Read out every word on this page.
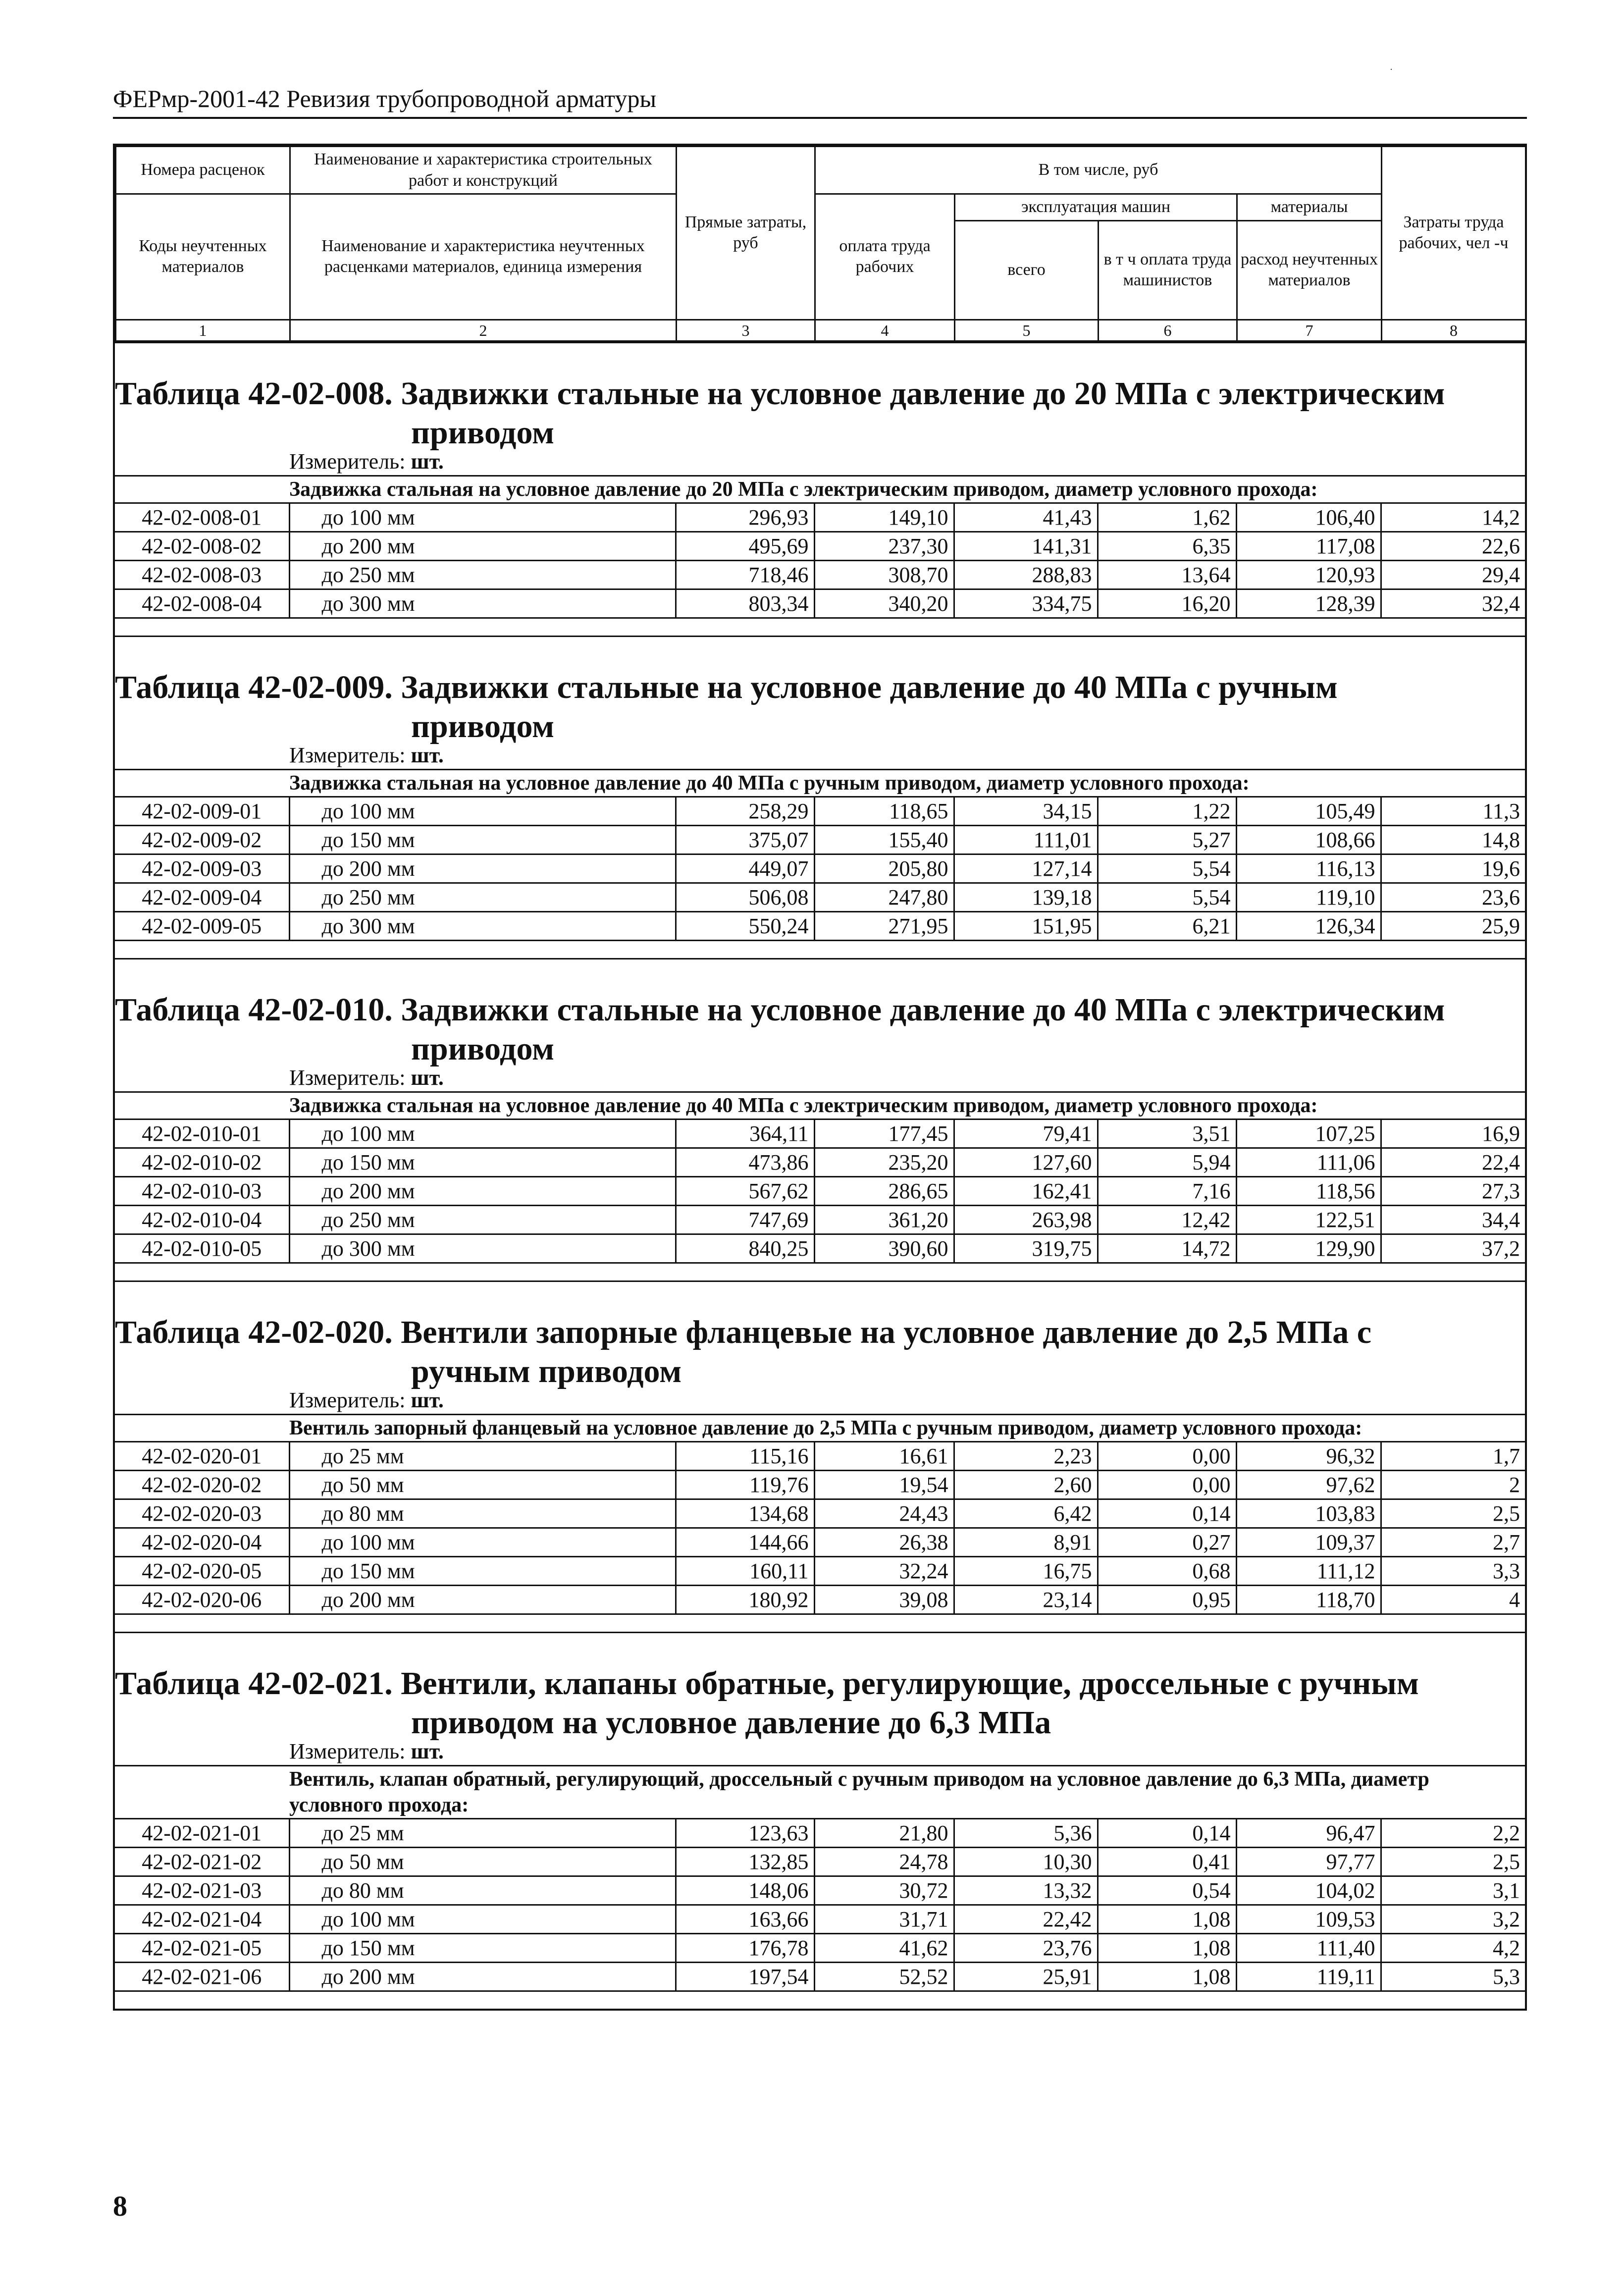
ФЕРмр-2001-42 Ревизия трубопроводной арматуры
·
Номера расценок	Наименование и характеристика строительных работ и конструкций	Прямые затраты, руб	В том числе, руб				Затраты труда рабочих, чел -ч
Коды неучтенных материалов	Наименование и характеристика неучтенных расценками материалов, единица измерения		оплата труда рабочих	эксплуатация машин		материалы	
				всего	в т ч оплата труда машинистов	расход неучтенных материалов	
1	2	3	4	5	6	7	8
Таблица 42-02-008. Задвижки стальные на условное давление до 20 МПа с электрическим
приводом
Измеритель: шт.
Задвижка стальная на условное давление до 20 МПа с электрическим приводом, диаметр условного прохода:
42-02-008-01	до 100 мм	296,93	149,10	41,43	1,62	106,40	14,2
42-02-008-02	до 200 мм	495,69	237,30	141,31	6,35	117,08	22,6
42-02-008-03	до 250 мм	718,46	308,70	288,83	13,64	120,93	29,4
42-02-008-04	до 300 мм	803,34	340,20	334,75	16,20	128,39	32,4
Таблица 42-02-009. Задвижки стальные на условное давление до 40 МПа с ручным
приводом
Измеритель: шт.
Задвижка стальная на условное давление до 40 МПа с ручным приводом, диаметр условного прохода:
42-02-009-01	до 100 мм	258,29	118,65	34,15	1,22	105,49	11,3
42-02-009-02	до 150 мм	375,07	155,40	111,01	5,27	108,66	14,8
42-02-009-03	до 200 мм	449,07	205,80	127,14	5,54	116,13	19,6
42-02-009-04	до 250 мм	506,08	247,80	139,18	5,54	119,10	23,6
42-02-009-05	до 300 мм	550,24	271,95	151,95	6,21	126,34	25,9
Таблица 42-02-010. Задвижки стальные на условное давление до 40 МПа с электрическим
приводом
Измеритель: шт.
Задвижка стальная на условное давление до 40 МПа с электрическим приводом, диаметр условного прохода:
42-02-010-01	до 100 мм	364,11	177,45	79,41	3,51	107,25	16,9
42-02-010-02	до 150 мм	473,86	235,20	127,60	5,94	111,06	22,4
42-02-010-03	до 200 мм	567,62	286,65	162,41	7,16	118,56	27,3
42-02-010-04	до 250 мм	747,69	361,20	263,98	12,42	122,51	34,4
42-02-010-05	до 300 мм	840,25	390,60	319,75	14,72	129,90	37,2
Таблица 42-02-020. Вентили запорные фланцевые на условное давление до 2,5 МПа с
ручным приводом
Измеритель: шт.
Вентиль запорный фланцевый на условное давление до 2,5 МПа с ручным приводом, диаметр условного прохода:
42-02-020-01	до 25 мм	115,16	16,61	2,23	0,00	96,32	1,7
42-02-020-02	до 50 мм	119,76	19,54	2,60	0,00	97,62	2
42-02-020-03	до 80 мм	134,68	24,43	6,42	0,14	103,83	2,5
42-02-020-04	до 100 мм	144,66	26,38	8,91	0,27	109,37	2,7
42-02-020-05	до 150 мм	160,11	32,24	16,75	0,68	111,12	3,3
42-02-020-06	до 200 мм	180,92	39,08	23,14	0,95	118,70	4
Таблица 42-02-021. Вентили, клапаны обратные, регулирующие, дроссельные с ручным
приводом на условное давление до 6,3 МПа
Измеритель: шт.
Вентиль, клапан обратный, регулирующий, дроссельный с ручным приводом на условное давление до 6,3 МПа, диаметр условного прохода:
42-02-021-01	до 25 мм	123,63	21,80	5,36	0,14	96,47	2,2
42-02-021-02	до 50 мм	132,85	24,78	10,30	0,41	97,77	2,5
42-02-021-03	до 80 мм	148,06	30,72	13,32	0,54	104,02	3,1
42-02-021-04	до 100 мм	163,66	31,71	22,42	1,08	109,53	3,2
42-02-021-05	до 150 мм	176,78	41,62	23,76	1,08	111,40	4,2
42-02-021-06	до 200 мм	197,54	52,52	25,91	1,08	119,11	5,3
8
